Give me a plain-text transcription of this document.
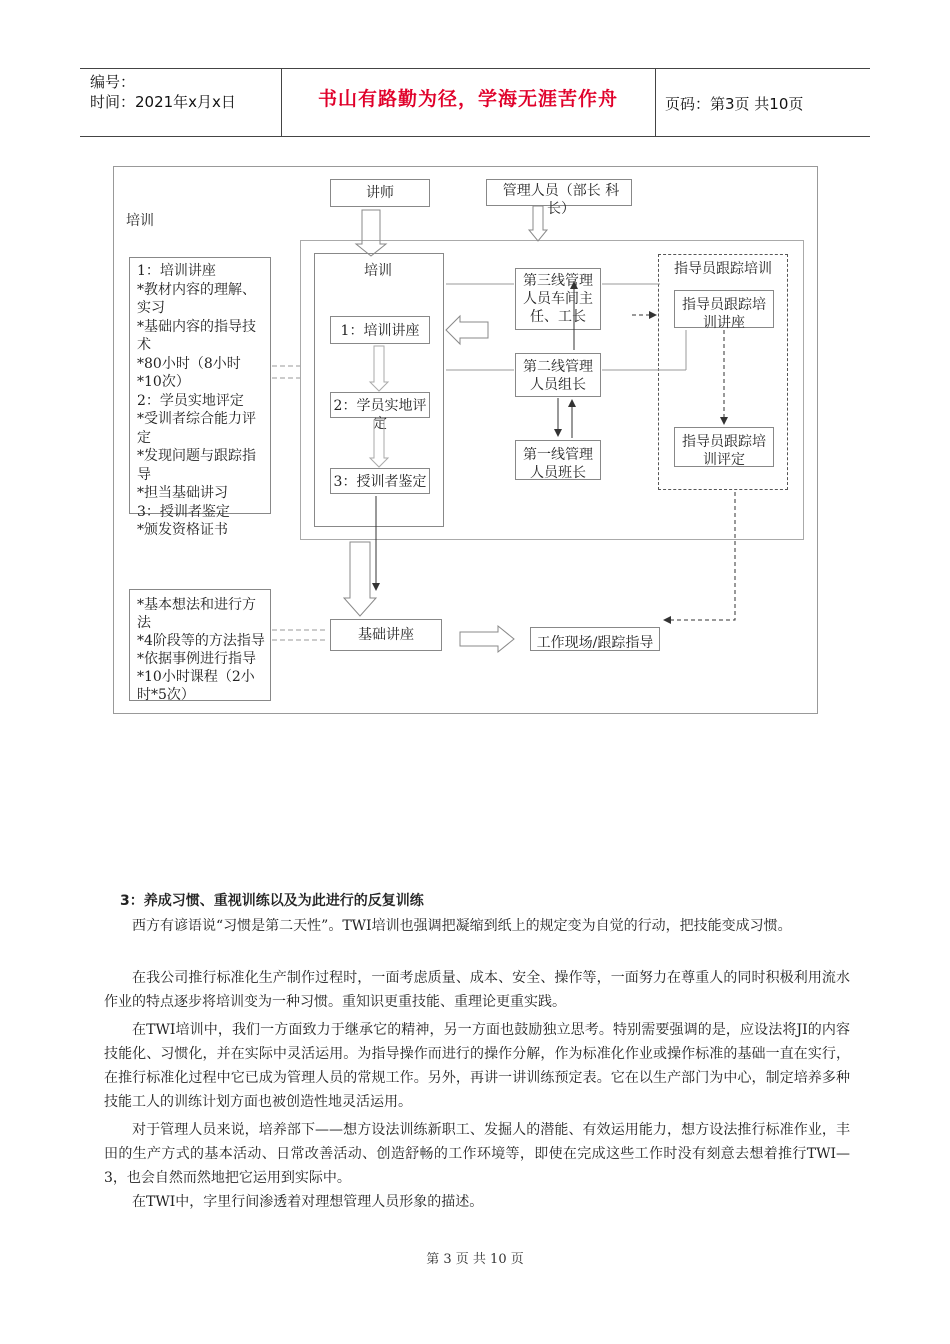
编号：
时间：2021年x月x日	书山有路勤为径，学海无涯苦作舟	页码：第3页 共10页
培训
讲师	管理人员（部长 科长）
培训
1：培训讲座
2：学员实地评定
3：授训者鉴定
1：培训讲座
*教材内容的理解、实习
*基础内容的指导技术
*80小时（8小时*10次）
2：学员实地评定
*受训者综合能力评定
*发现问题与跟踪指导
*担当基础讲习
3：授训者鉴定
*颁发资格证书
第三线管理人员车间主任、工长
第二线管理人员组长
第一线管理人员班长
指导员跟踪培训
指导员跟踪培训讲座
指导员跟踪培训评定
*基本想法和进行方法
*4阶段等的方法指导
*依据事例进行指导
*10小时课程（2小时*5次）
基础讲座	工作现场/跟踪指导
3：养成习惯、重视训练以及为此进行的反复训练
西方有谚语说“习惯是第二天性”。TWI培训也强调把凝缩到纸上的规定变为自觉的行动，把技能变成习惯。
在我公司推行标准化生产制作过程时，一面考虑质量、成本、安全、操作等，一面努力在尊重人的同时积极利用流水作业的特点逐步将培训变为一种习惯。重知识更重技能、重理论更重实践。
在TWI培训中，我们一方面致力于继承它的精神，另一方面也鼓励独立思考。特别需要强调的是，应设法将JI的内容技能化、习惯化，并在实际中灵活运用。为指导操作而进行的操作分解，作为标准化作业或操作标准的基础一直在实行，在推行标准化过程中它已成为管理人员的常规工作。另外，再讲一讲训练预定表。它在以生产部门为中心，制定培养多种技能工人的训练计划方面也被创造性地灵活运用。
对于管理人员来说，培养部下——想方设法训练新职工、发掘人的潜能、有效运用能力，想方设法推行标准作业，丰田的生产方式的基本活动、日常改善活动、创造舒畅的工作环境等，即使在完成这些工作时没有刻意去想着推行TWI—3，也会自然而然地把它运用到实际中。
在TWI中，字里行间渗透着对理想管理人员形象的描述。
第 3 页 共 10 页
